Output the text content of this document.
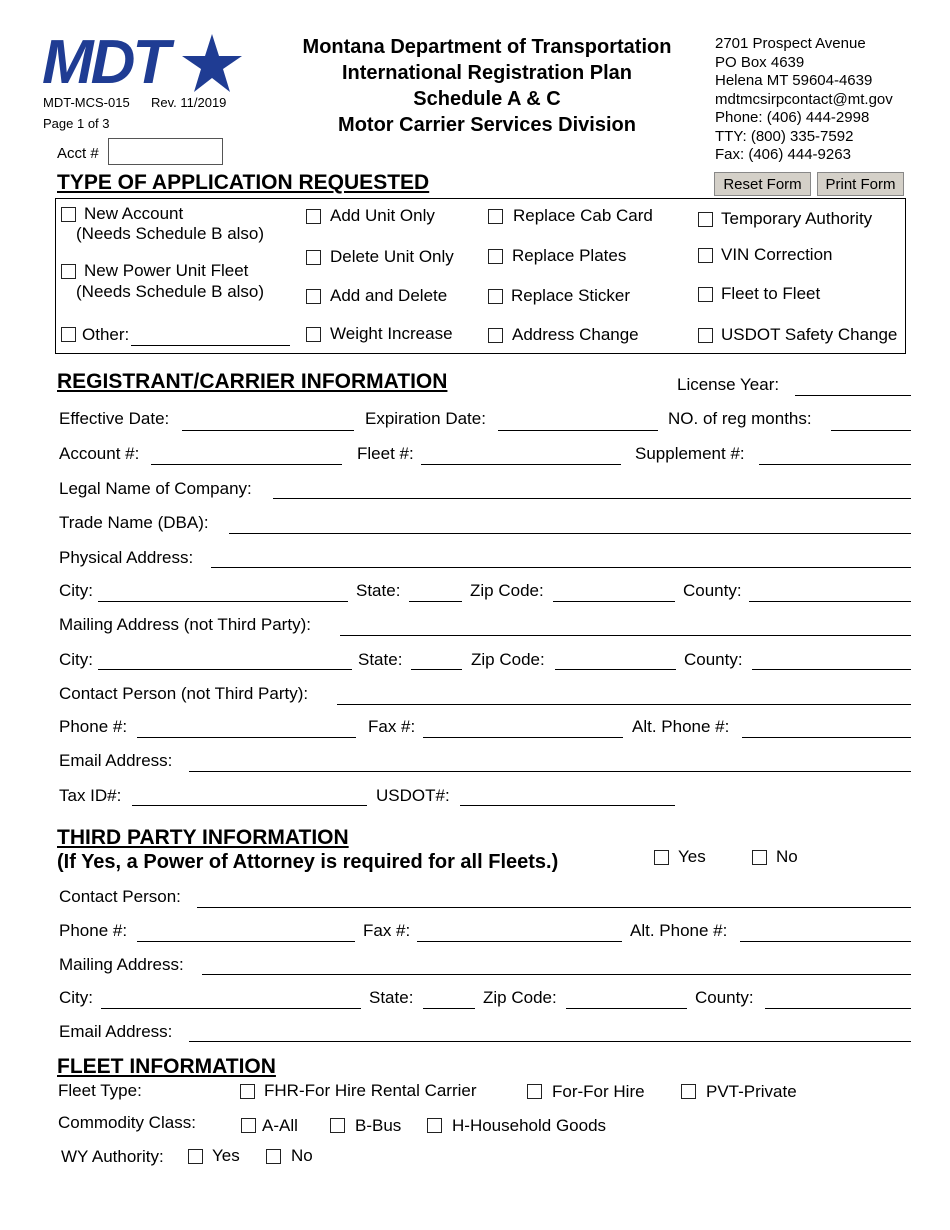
MDT
MDT-MCS-015 Rev. 11/2019
Page 1 of 3
Acct #
Montana Department of Transportation
International Registration Plan
Schedule A & C
Motor Carrier Services Division
2701 Prospect Avenue
PO Box 4639
Helena MT 59604-4639
mdtmcsirpcontact@mt.gov
Phone: (406) 444-2998
TTY: (800) 335-7592
Fax: (406) 444-9263
Reset Form	Print Form
TYPE OF APPLICATION REQUESTED
New Account
(Needs Schedule B also)
New Power Unit Fleet
(Needs Schedule B also)
Other:
Add Unit Only
Delete Unit Only
Add and Delete
Weight Increase
Replace Cab Card
Replace Plates
Replace Sticker
Address Change
Temporary Authority
VIN Correction
Fleet to Fleet
USDOT Safety Change
REGISTRANT/CARRIER INFORMATION	License Year:
Effective Date:	Expiration Date:	NO. of reg months:
Account #:	Fleet #:	Supplement #:
Legal Name of Company:
Trade Name (DBA):
Physical Address:
City:	State:	Zip Code:	County:
Mailing Address (not Third Party):
City:	State:	Zip Code:	County:
Contact Person (not Third Party):
Phone #:	Fax #:	Alt. Phone #:
Email Address:
Tax ID#:	USDOT#:
THIRD PARTY INFORMATION
(If Yes, a Power of Attorney is required for all Fleets.)	Yes	No
Contact Person:
Phone #:	Fax #:	Alt. Phone #:
Mailing Address:
City:	State:	Zip Code:	County:
Email Address:
FLEET INFORMATION
Fleet Type:	FHR-For Hire Rental Carrier	For-For Hire	PVT-Private
Commodity Class:	A-All	B-Bus	H-Household Goods
WY Authority:	Yes	No
